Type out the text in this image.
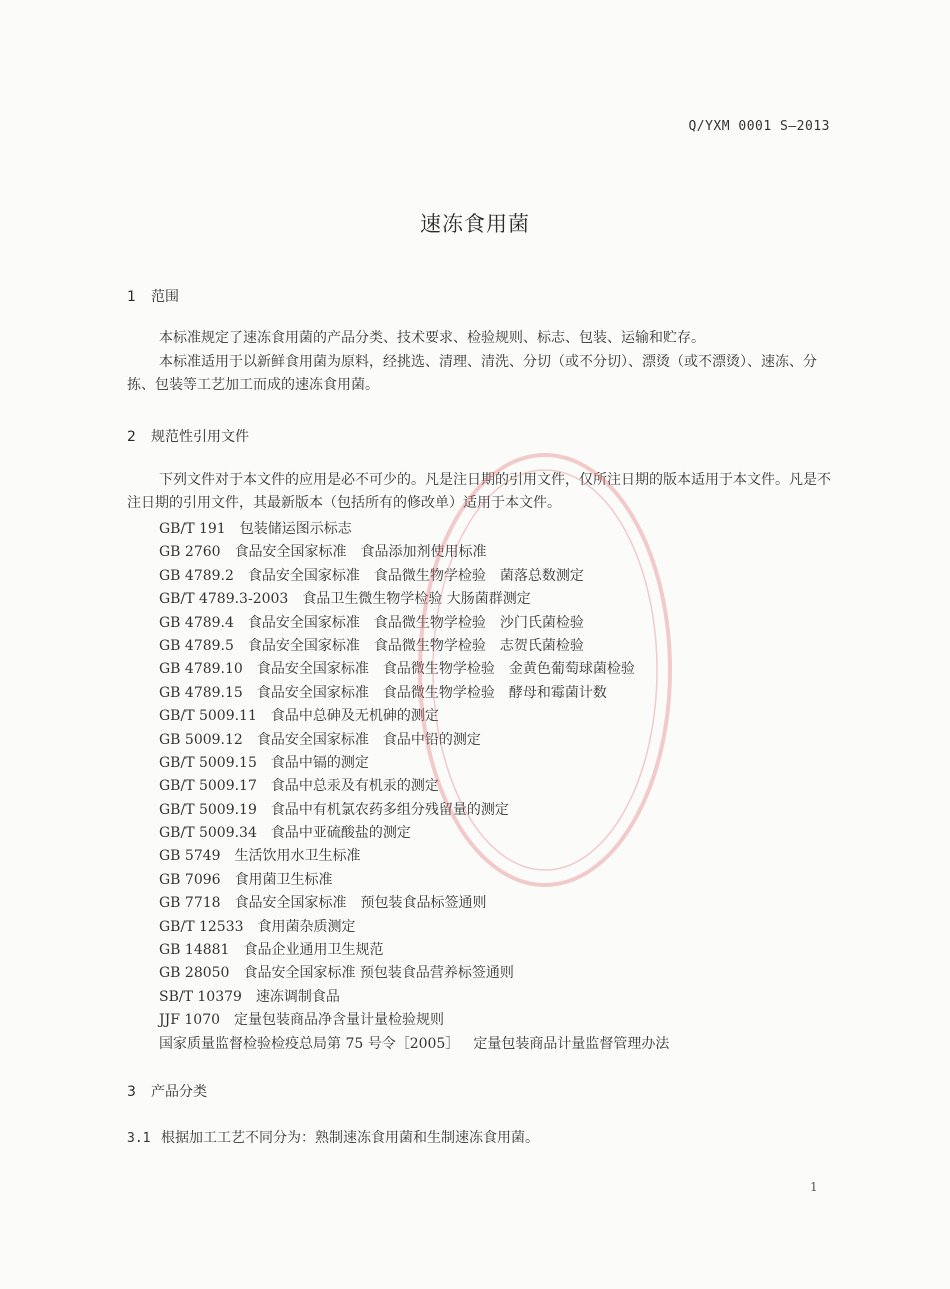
Q/YXM 0001 S—2013
速冻食用菌
1 范围
本标准规定了速冻食用菌的产品分类、技术要求、检验规则、标志、包装、运输和贮存。
本标准适用于以新鲜食用菌为原料，经挑选、清理、清洗、分切（或不分切）、漂烫（或不漂烫）、速冻、分拣、包装等工艺加工而成的速冻食用菌。
2 规范性引用文件
下列文件对于本文件的应用是必不可少的。凡是注日期的引用文件，仅所注日期的版本适用于本文件。凡是不注日期的引用文件，其最新版本（包括所有的修改单）适用于本文件。
GB/T 191 包装储运图示标志
GB 2760 食品安全国家标准　食品添加剂使用标准
GB 4789.2 食品安全国家标准　食品微生物学检验　菌落总数测定
GB/T 4789.3-2003 食品卫生微生物学检验 大肠菌群测定
GB 4789.4 食品安全国家标准　食品微生物学检验　沙门氏菌检验
GB 4789.5 食品安全国家标准　食品微生物学检验　志贺氏菌检验
GB 4789.10 食品安全国家标准　食品微生物学检验　金黄色葡萄球菌检验
GB 4789.15 食品安全国家标准　食品微生物学检验　酵母和霉菌计数
GB/T 5009.11 食品中总砷及无机砷的测定
GB 5009.12 食品安全国家标准　食品中铅的测定
GB/T 5009.15 食品中镉的测定
GB/T 5009.17 食品中总汞及有机汞的测定
GB/T 5009.19 食品中有机氯农药多组分残留量的测定
GB/T 5009.34 食品中亚硫酸盐的测定
GB 5749 生活饮用水卫生标准
GB 7096 食用菌卫生标准
GB 7718 食品安全国家标准　预包装食品标签通则
GB/T 12533 食用菌杂质测定
GB 14881 食品企业通用卫生规范
GB 28050 食品安全国家标准 预包装食品营养标签通则
SB/T 10379 速冻调制食品
JJF 1070 定量包装商品净含量计量检验规则
国家质量监督检验检疫总局第 75 号令［2005］ 定量包装商品计量监督管理办法
3 产品分类
3.1 根据加工工艺不同分为：熟制速冻食用菌和生制速冻食用菌。
1
